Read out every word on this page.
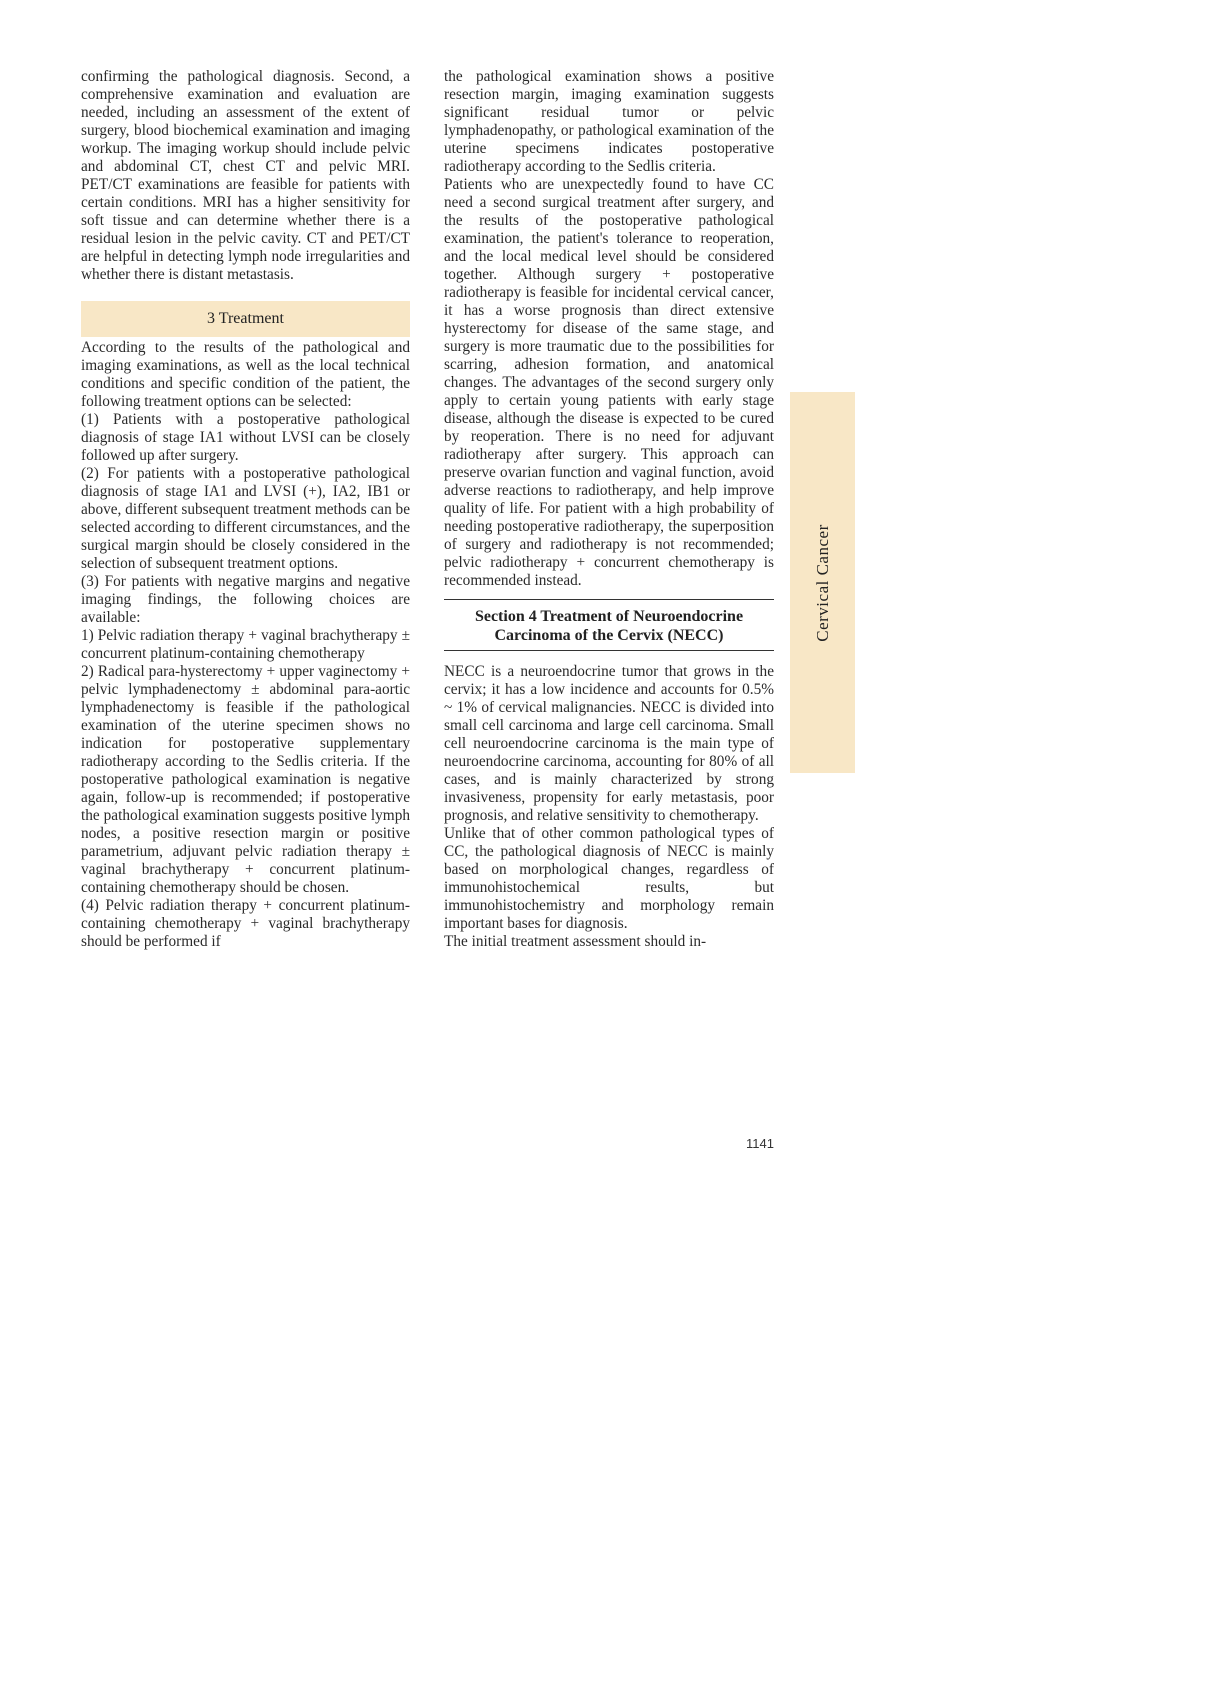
confirming the pathological diagnosis. Second, a comprehensive examination and evaluation are needed, including an assessment of the extent of surgery, blood biochemical examination and imaging workup. The imaging workup should include pelvic and abdominal CT, chest CT and pelvic MRI. PET/CT examinations are feasible for patients with certain conditions. MRI has a higher sensitivity for soft tissue and can determine whether there is a residual lesion in the pelvic cavity. CT and PET/CT are helpful in detecting lymph node irregularities and whether there is distant metastasis.

3 Treatment

According to the results of the pathological and imaging examinations, as well as the local technical conditions and specific condition of the patient, the following treatment options can be selected:

(1) Patients with a postoperative pathological diagnosis of stage IA1 without LVSI can be closely followed up after surgery.

(2) For patients with a postoperative pathological diagnosis of stage IA1 and LVSI (+), IA2, IB1 or above, different subsequent treatment methods can be selected according to different circumstances, and the surgical margin should be closely considered in the selection of subsequent treatment options.

(3) For patients with negative margins and negative imaging findings, the following choices are available:

1) Pelvic radiation therapy + vaginal brachytherapy ± concurrent platinum-containing chemotherapy

2) Radical para-hysterectomy + upper vaginectomy + pelvic lymphadenectomy ± abdominal para-aortic lymphadenectomy is feasible if the pathological examination of the uterine specimen shows no indication for postoperative supplementary radiotherapy according to the Sedlis criteria. If the postoperative pathological examination is negative again, follow-up is recommended; if postoperative the pathological examination suggests positive lymph nodes, a positive resection margin or positive parametrium, adjuvant pelvic radiation therapy ± vaginal brachytherapy + concurrent platinum-containing chemotherapy should be chosen.

(4) Pelvic radiation therapy + concurrent platinum-containing chemotherapy + vaginal brachytherapy should be performed if

the pathological examination shows a positive resection margin, imaging examination suggests significant residual tumor or pelvic lymphadenopathy, or pathological examination of the uterine specimens indicates postoperative radiotherapy according to the Sedlis criteria.

Patients who are unexpectedly found to have CC need a second surgical treatment after surgery, and the results of the postoperative pathological examination, the patient's tolerance to reoperation, and the local medical level should be considered together. Although surgery + postoperative radiotherapy is feasible for incidental cervical cancer, it has a worse prognosis than direct extensive hysterectomy for disease of the same stage, and surgery is more traumatic due to the possibilities for scarring, adhesion formation, and anatomical changes. The advantages of the second surgery only apply to certain young patients with early stage disease, although the disease is expected to be cured by reoperation. There is no need for adjuvant radiotherapy after surgery. This approach can preserve ovarian function and vaginal function, avoid adverse reactions to radiotherapy, and help improve quality of life. For patient with a high probability of needing postoperative radiotherapy, the superposition of surgery and radiotherapy is not recommended; pelvic radiotherapy + concurrent chemotherapy is recommended instead.

Section 4 Treatment of Neuroendocrine
Carcinoma of the Cervix (NECC)

NECC is a neuroendocrine tumor that grows in the cervix; it has a low incidence and accounts for 0.5% ~ 1% of cervical malignancies. NECC is divided into small cell carcinoma and large cell carcinoma. Small cell neuroendocrine carcinoma is the main type of neuroendocrine carcinoma, accounting for 80% of all cases, and is mainly characterized by strong invasiveness, propensity for early metastasis, poor prognosis, and relative sensitivity to chemotherapy.

Unlike that of other common pathological types of CC, the pathological diagnosis of NECC is mainly based on morphological changes, regardless of immunohistochemical results, but immunohistochemistry and morphology remain important bases for diagnosis.

The initial treatment assessment should in-

Cervical Cancer
1141
